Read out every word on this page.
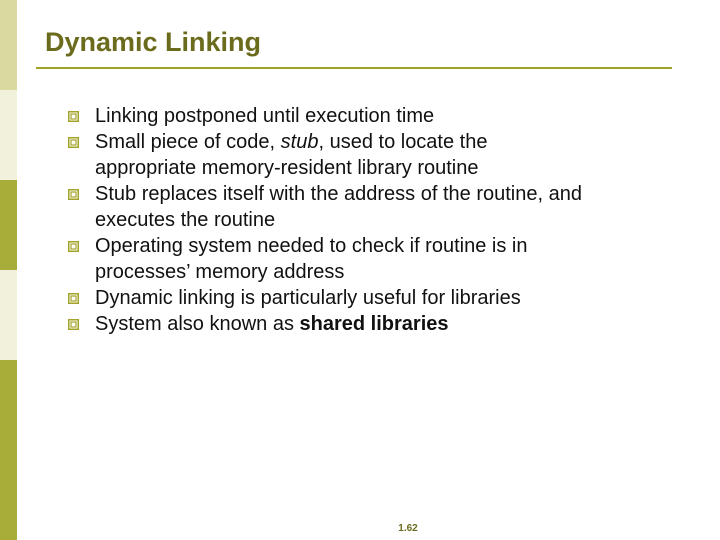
Dynamic Linking
Linking postponed until execution time
Small piece of code, stub, used to locate the appropriate memory-resident library routine
Stub replaces itself with the address of the routine, and executes the routine
Operating system needed to check if routine is in processes’ memory address
Dynamic linking is particularly useful for libraries
System also known as shared libraries
1.62
